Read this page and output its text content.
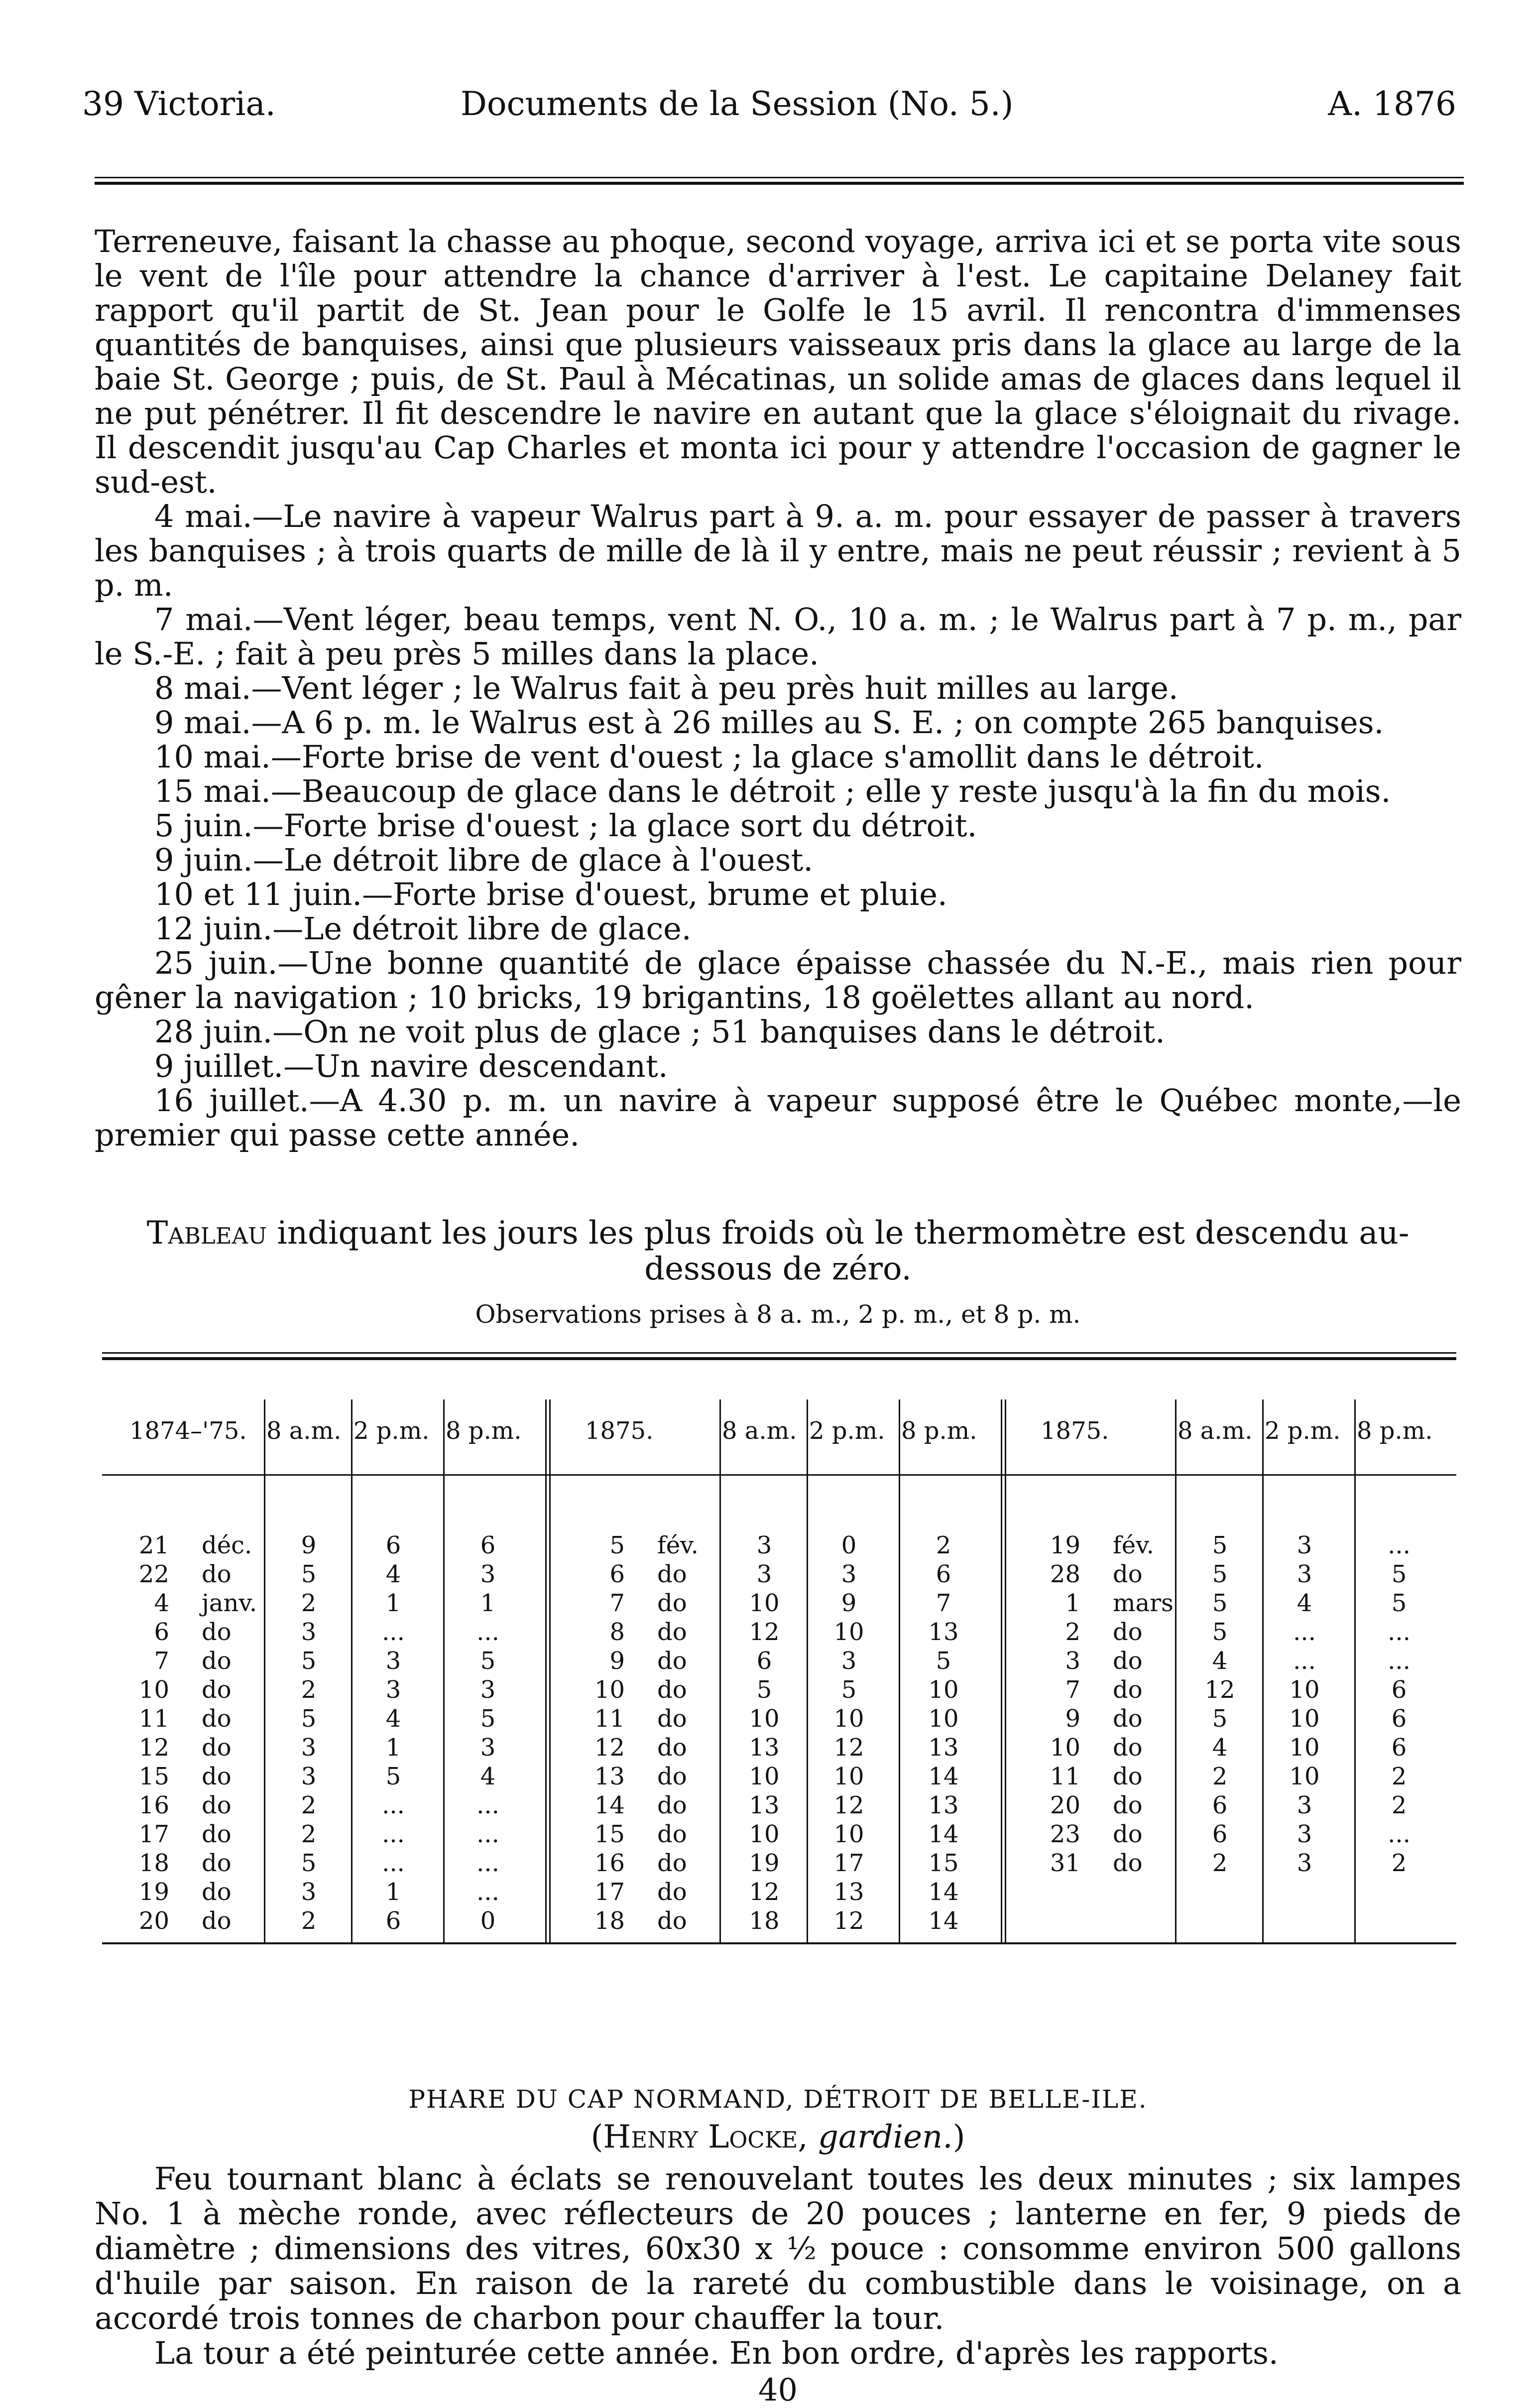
39 Victoria.	Documents de la Session (No. 5.)	A. 1876

Terreneuve, faisant la chasse au phoque, second voyage, arriva ici et se porta vite sous le vent de l'île pour attendre la chance d'arriver à l'est. Le capitaine Delaney fait rapport qu'il partit de St. Jean pour le Golfe le 15 avril. Il rencontra d'immenses quantités de banquises, ainsi que plusieurs vaisseaux pris dans la glace au large de la baie St. George ; puis, de St. Paul à Mécatinas, un solide amas de glaces dans lequel il ne put pénétrer. Il fit descendre le navire en autant que la glace s'éloignait du rivage. Il descendit jusqu'au Cap Charles et monta ici pour y attendre l'occasion de gagner le sud-est.

4 mai.—Le navire à vapeur Walrus part à 9. a. m. pour essayer de passer à travers les banquises ; à trois quarts de mille de là il y entre, mais ne peut réussir ; revient à 5 p. m.

7 mai.—Vent léger, beau temps, vent N. O., 10 a. m. ; le Walrus part à 7 p. m., par le S.-E. ; fait à peu près 5 milles dans la place.

8 mai.—Vent léger ; le Walrus fait à peu près huit milles au large.

9 mai.—A 6 p. m. le Walrus est à 26 milles au S. E. ; on compte 265 banquises.

10 mai.—Forte brise de vent d'ouest ; la glace s'amollit dans le détroit.

15 mai.—Beaucoup de glace dans le détroit ; elle y reste jusqu'à la fin du mois.

5 juin.—Forte brise d'ouest ; la glace sort du détroit.

9 juin.—Le détroit libre de glace à l'ouest.

10 et 11 juin.—Forte brise d'ouest, brume et pluie.

12 juin.—Le détroit libre de glace.

25 juin.—Une bonne quantité de glace épaisse chassée du N.-E., mais rien pour gêner la navigation ; 10 bricks, 19 brigantins, 18 goëlettes allant au nord.

28 juin.—On ne voit plus de glace ; 51 banquises dans le détroit.

9 juillet.—Un navire descendant.

16 juillet.—A 4.30 p. m. un navire à vapeur supposé être le Québec monte,—le premier qui passe cette année.

Tableau indiquant les jours les plus froids où le thermomètre est descendu au-dessous de zéro.
Observations prises à 8 a. m., 2 p. m., et 8 p. m.
1874–'75. 8 a.m. 2 p.m. 8 p.m.
21 déc.	9	6	6
22 do	5	4	3
4 janv.	2	1	1
6 do	3	...	...
7 do	5	3	5
10 do	2	3	3
11 do	5	4	5
12 do	3	1	3
15 do	3	5	4
16 do	2	...	...
17 do	2	...	...
18 do	5	...	...
19 do	3	1	...
20 do	2	6	0
1875.	8 a.m. 2 p.m. 8 p.m.
5 fév.	3	0	2
6 do	3	3	6
7 do	10	9	7
8 do	12	10	13
9 do	6	3	5
10 do	5	5	10
11 do	10	10	10
12 do	13	12	13
13 do	10	10	14
14 do	13	12	13
15 do	10	10	14
16 do	19	17	15
17 do	12	13	14
18 do	18	12	14
1875.	8 a.m. 2 p.m. 8 p.m.
19 fév.	5	3	...
28 do	5	3	5
1 mars	5	4	5
2 do	5	...	...
3 do	4	...	...
7 do	12	10	6
9 do	5	10	6
10 do	4	10	6
11 do	2	10	2
20 do	6	3	2
23 do	6	3	...
31 do	2	3	2

PHARE DU CAP NORMAND, DÉTROIT DE BELLE-ILE.

(Henry Locke, gardien.)

Feu tournant blanc à éclats se renouvelant toutes les deux minutes ; six lampes No. 1 à mèche ronde, avec réflecteurs de 20 pouces ; lanterne en fer, 9 pieds de diamètre ; dimensions des vitres, 60x30 x ½ pouce : consomme environ 500 gallons d'huile par saison. En raison de la rareté du combustible dans le voisinage, on a accordé trois tonnes de charbon pour chauffer la tour.

La tour a été peinturée cette année. En bon ordre, d'après les rapports.

40
